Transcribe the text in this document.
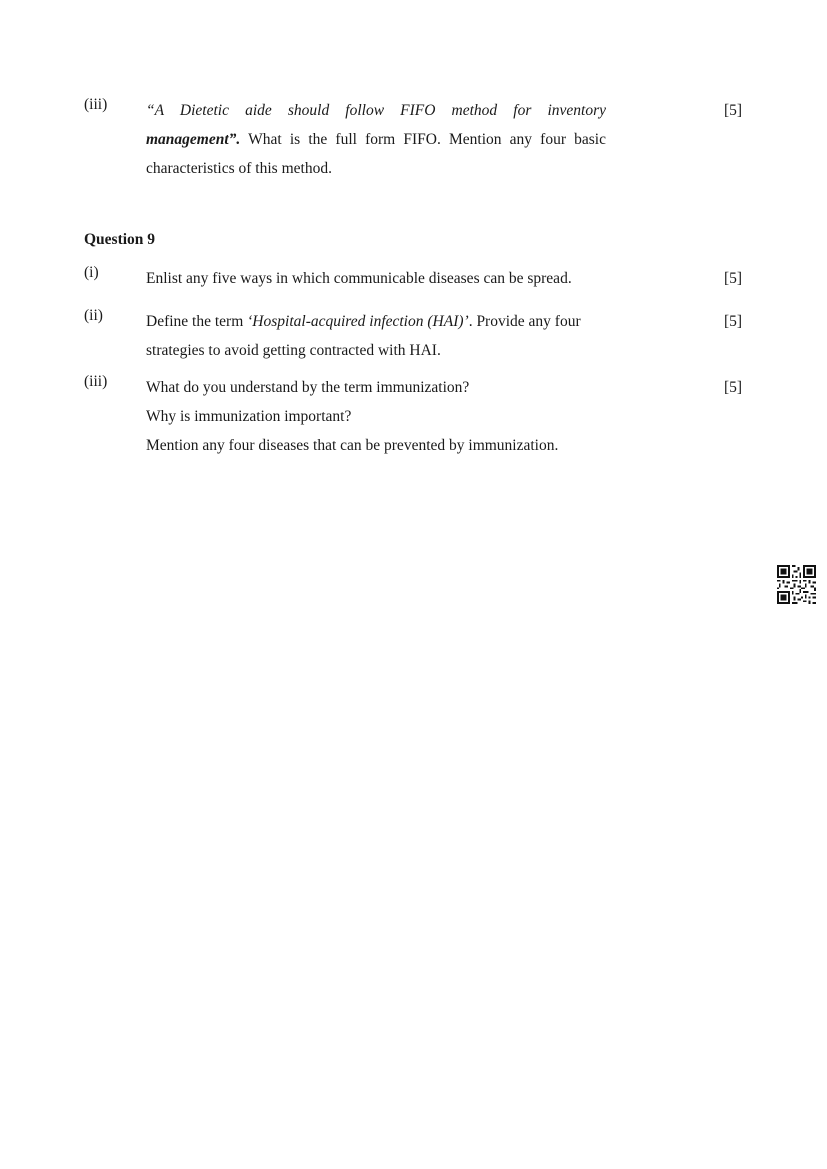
(iii)	“A Dietetic aide should follow FIFO method for inventory
management”. What is the full form FIFO. Mention any four basic
characteristics of this method.
[5]
Question 9
(i)	Enlist any five ways in which communicable diseases can be spread.	[5]
(ii)	Define the term ‘Hospital-acquired infection (HAI)’. Provide any four
strategies to avoid getting contracted with HAI.
[5]
(iii)	What do you understand by the term immunization?
Why is immunization important?
Mention any four diseases that can be prevented by immunization.
[5]
